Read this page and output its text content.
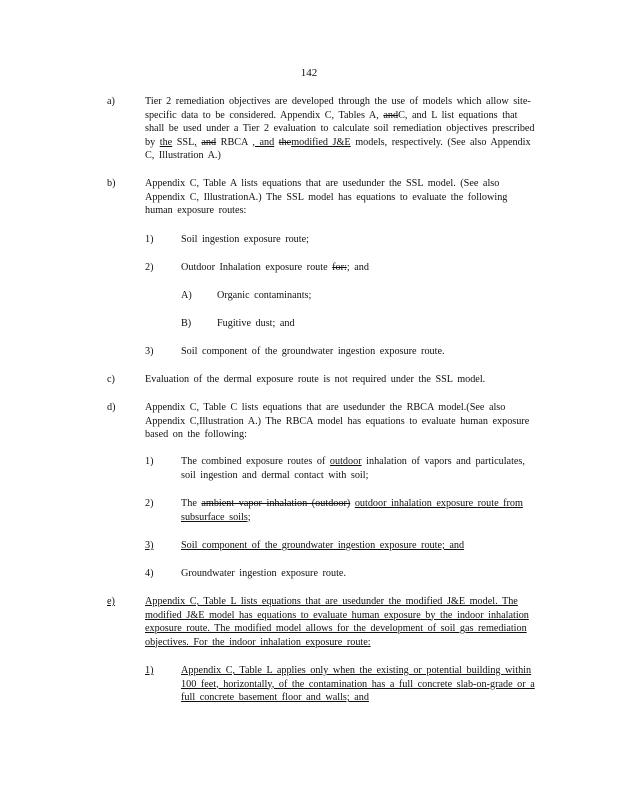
142
a)	Tier 2 remediation objectives are developed through the use of models which allow site-specific data to be considered. Appendix C, Tables A, andC, and L list equations that shall be used under a Tier 2 evaluation to calculate soil remediation objectives prescribed by the SSL, and RBCA , and themodified J&E models, respectively. (See also Appendix C, Illustration A.)
b)	Appendix C, Table A lists equations that are usedunder the SSL model. (See also Appendix C, IllustrationA.) The SSL model has equations to evaluate the following human exposure routes:
1)	Soil ingestion exposure route;
2)	Outdoor Inhalation exposure route for:; and
A) Organic contaminants;
B)	Fugitive dust; and
3)	Soil component of the groundwater ingestion exposure route.
c)	Evaluation of the dermal exposure route is not required under the SSL model.
d)	Appendix C, Table C lists equations that are usedunder the RBCA model.(See also Appendix C,Illustration A.) The RBCA model has equations to evaluate human exposure based on the following:
1)	The combined exposure routes of outdoor inhalation of vapors and particulates, soil ingestion and dermal contact with soil;
2)	The ambient vapor inhalation (outdoor) outdoor inhalation exposure route from subsurface soils;
3)	Soil component of the groundwater ingestion exposure route; and
4)	Groundwater ingestion exposure route.
e)	Appendix C, Table L lists equations that are usedunder the modified J&E model. The modified J&E model has equations to evaluate human exposure by the indoor inhalation exposure route. The modified model allows for the development of soil gas remediation objectives. For the indoor inhalation exposure route:
1)	Appendix C, Table L applies only when the existing or potential building within 100 feet, horizontally, of the contamination has a full concrete slab-on-grade or a full concrete basement floor and walls; and
